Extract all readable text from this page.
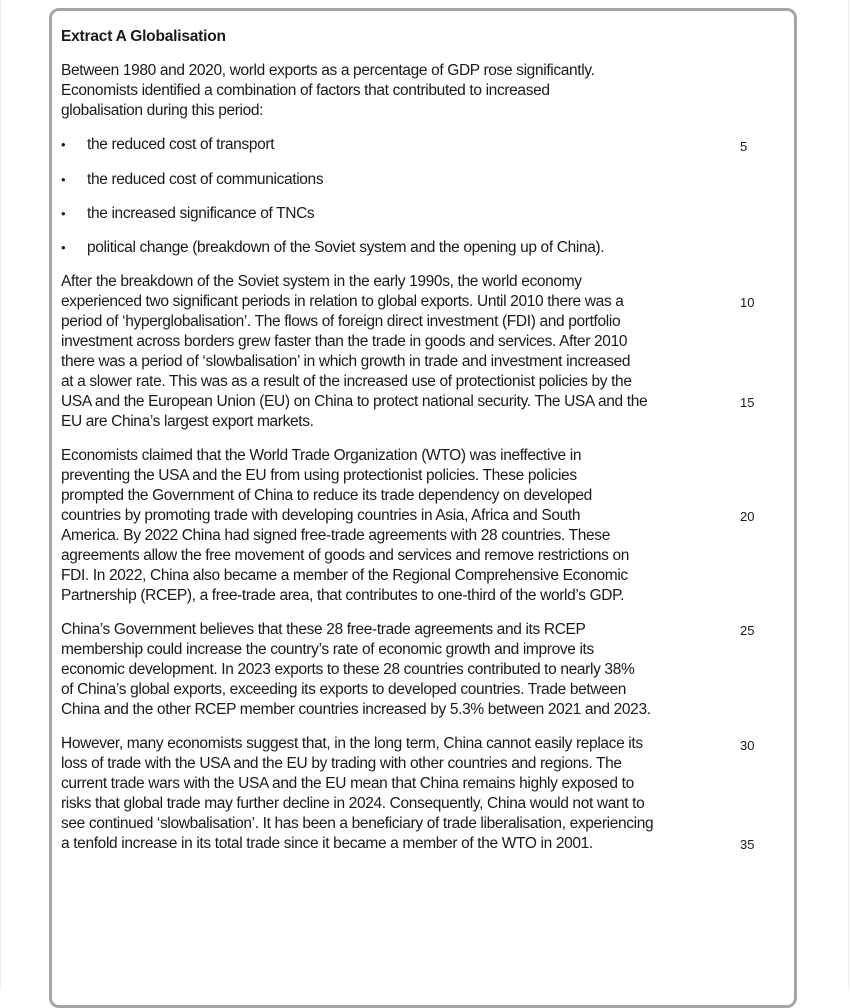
Extract A Globalisation
Between 1980 and 2020, world exports as a percentage of GDP rose significantly.
Economists identified a combination of factors that contributed to increased
globalisation during this period:
• the reduced cost of transport
• the reduced cost of communications
• the increased significance of TNCs
• political change (breakdown of the Soviet system and the opening up of China).
After the breakdown of the Soviet system in the early 1990s, the world economy
experienced two significant periods in relation to global exports. Until 2010 there was a
period of ‘hyperglobalisation’. The flows of foreign direct investment (FDI) and portfolio
investment across borders grew faster than the trade in goods and services. After 2010
there was a period of ‘slowbalisation’ in which growth in trade and investment increased
at a slower rate. This was as a result of the increased use of protectionist policies by the
USA and the European Union (EU) on China to protect national security. The USA and the
EU are China’s largest export markets.
Economists claimed that the World Trade Organization (WTO) was ineffective in
preventing the USA and the EU from using protectionist policies. These policies
prompted the Government of China to reduce its trade dependency on developed
countries by promoting trade with developing countries in Asia, Africa and South
America. By 2022 China had signed free-trade agreements with 28 countries. These
agreements allow the free movement of goods and services and remove restrictions on
FDI. In 2022, China also became a member of the Regional Comprehensive Economic
Partnership (RCEP), a free-trade area, that contributes to one-third of the world’s GDP.
China’s Government believes that these 28 free-trade agreements and its RCEP
membership could increase the country’s rate of economic growth and improve its
economic development. In 2023 exports to these 28 countries contributed to nearly 38%
of China’s global exports, exceeding its exports to developed countries. Trade between
China and the other RCEP member countries increased by 5.3% between 2021 and 2023.
However, many economists suggest that, in the long term, China cannot easily replace its
loss of trade with the USA and the EU by trading with other countries and regions. The
current trade wars with the USA and the EU mean that China remains highly exposed to
risks that global trade may further decline in 2024. Consequently, China would not want to
see continued ‘slowbalisation’. It has been a beneficiary of trade liberalisation, experiencing
a tenfold increase in its total trade since it became a member of the WTO in 2001.
5
10
15
20
25
30
35
